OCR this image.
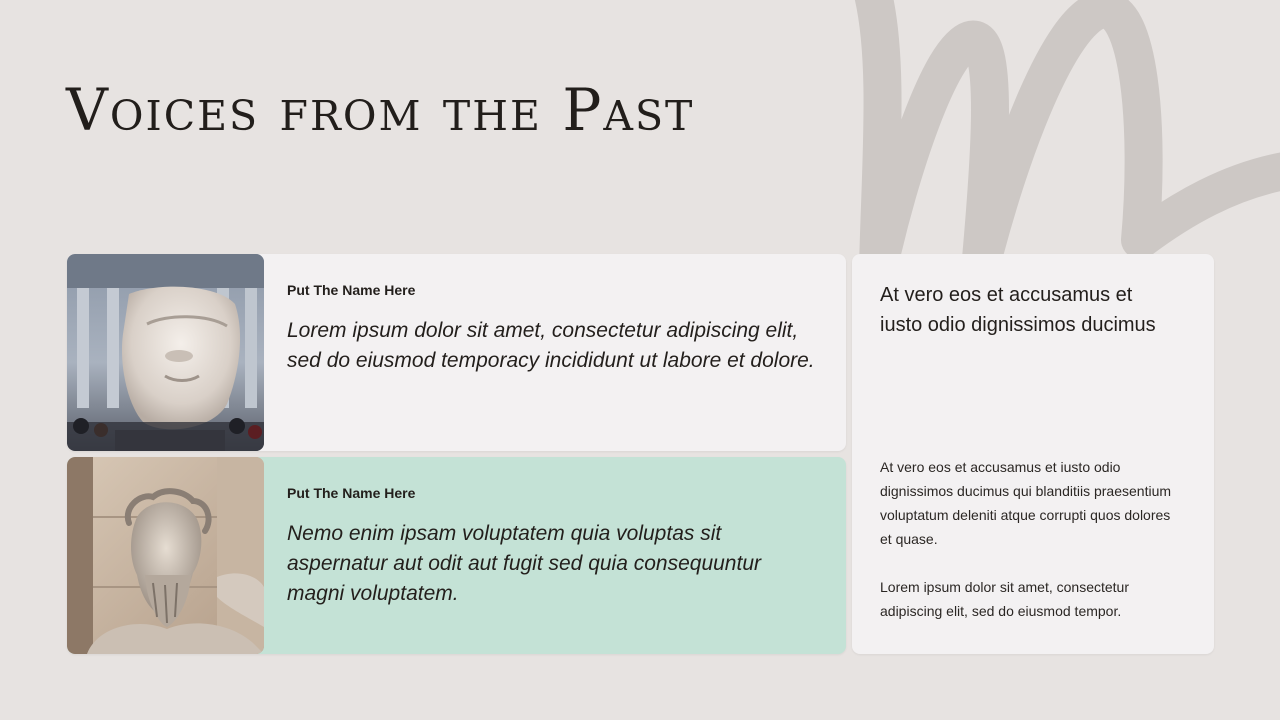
Voices from the Past
Put The Name Here
Lorem ipsum dolor sit amet, consectetur adipiscing elit, sed do eiusmod temporacy incididunt ut labore et dolore.
Put The Name Here
Nemo enim ipsam voluptatem quia voluptas sit aspernatur aut odit aut fugit sed quia consequuntur magni voluptatem.
At vero eos et accusamus et iusto odio dignissimos ducimus
At vero eos et accusamus et iusto odio dignissimos ducimus qui blanditiis praesentium voluptatum deleniti atque corrupti quos dolores et quase.
Lorem ipsum dolor sit amet, consectetur adipiscing elit, sed do eiusmod tempor.
